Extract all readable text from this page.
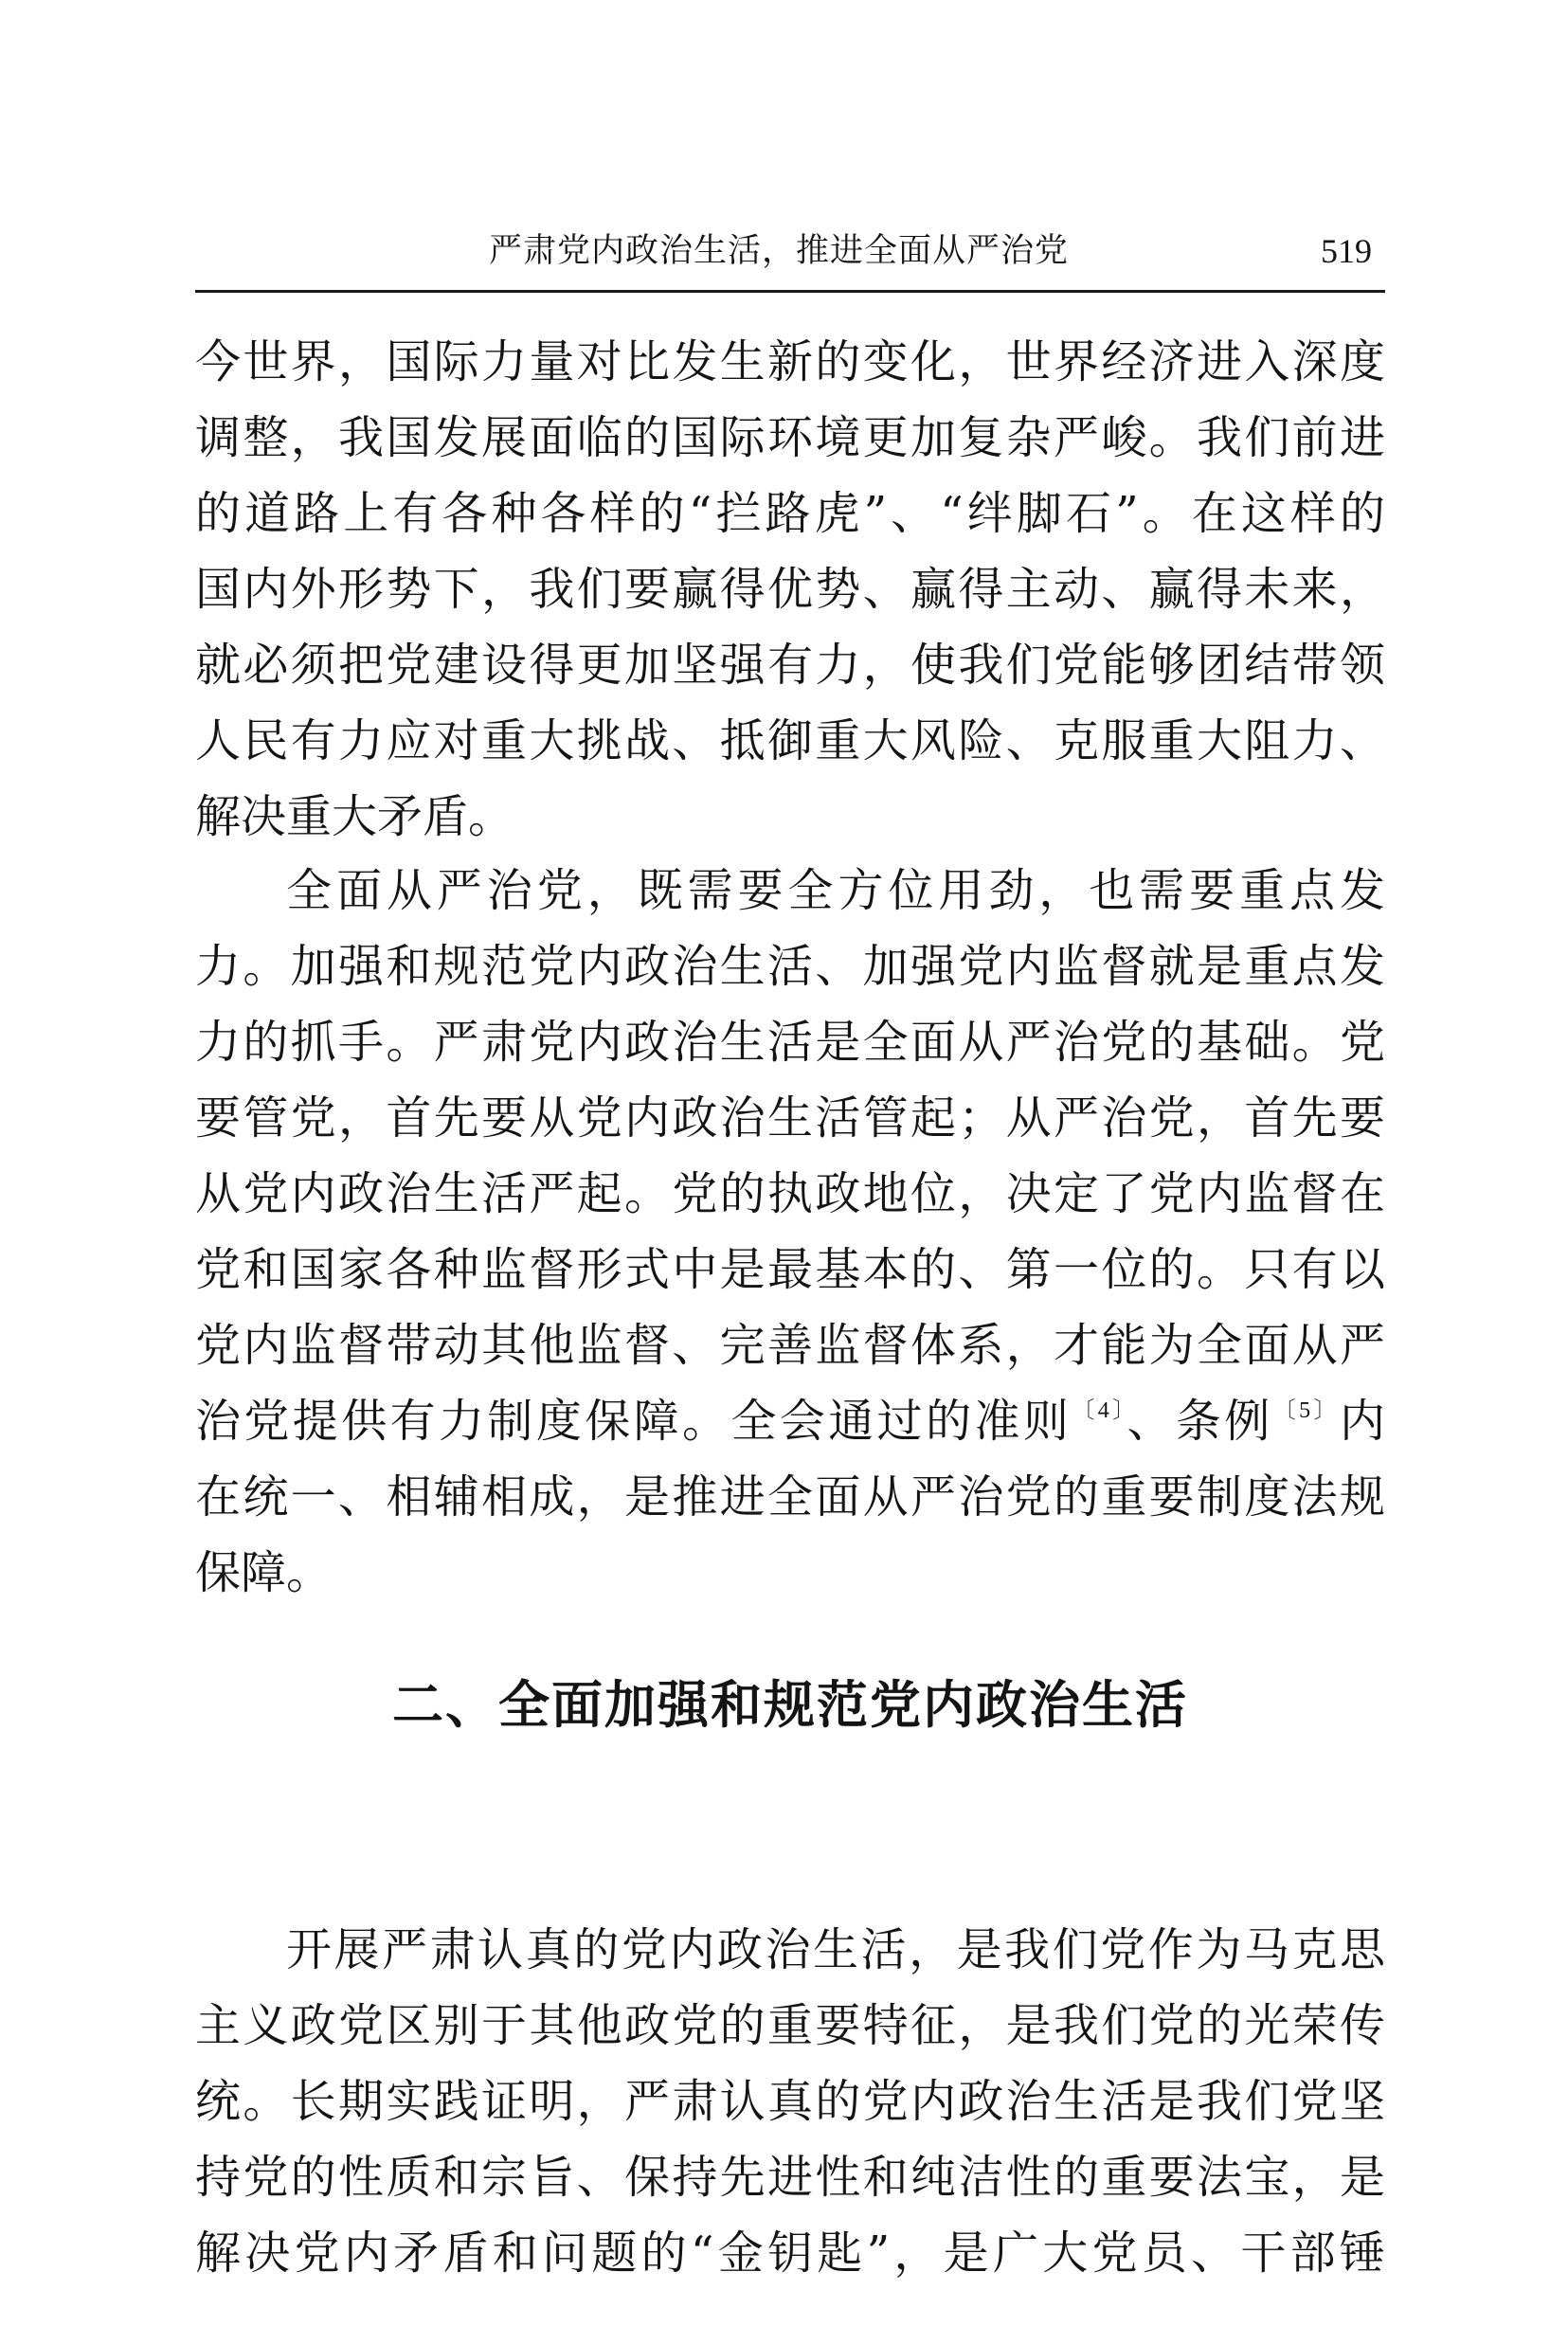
严肃党内政治生活，推进全面从严治党	519
今世界，国际力量对比发生新的变化，世界经济进入深度
调整，我国发展面临的国际环境更加复杂严峻。我们前进
的道路上有各种各样的“拦路虎”、“绊脚石”。在这样的
国内外形势下，我们要赢得优势、赢得主动、赢得未来，
就必须把党建设得更加坚强有力，使我们党能够团结带领
人民有力应对重大挑战、抵御重大风险、克服重大阻力、
解决重大矛盾。
全面从严治党，既需要全方位用劲，也需要重点发
力。加强和规范党内政治生活、加强党内监督就是重点发
力的抓手。严肃党内政治生活是全面从严治党的基础。党
要管党，首先要从党内政治生活管起；从严治党，首先要
从党内政治生活严起。党的执政地位，决定了党内监督在
党和国家各种监督形式中是最基本的、第一位的。只有以
党内监督带动其他监督、完善监督体系，才能为全面从严
治党提供有力制度保障。全会通过的准则$^{〔4〕}$、条例$^{〔5〕}$内
在统一、相辅相成，是推进全面从严治党的重要制度法规
保障。
二、全面加强和规范党内政治生活
开展严肃认真的党内政治生活，是我们党作为马克思
主义政党区别于其他政党的重要特征，是我们党的光荣传
统。长期实践证明，严肃认真的党内政治生活是我们党坚
持党的性质和宗旨、保持先进性和纯洁性的重要法宝，是
解决党内矛盾和问题的“金钥匙”，是广大党员、干部锤
